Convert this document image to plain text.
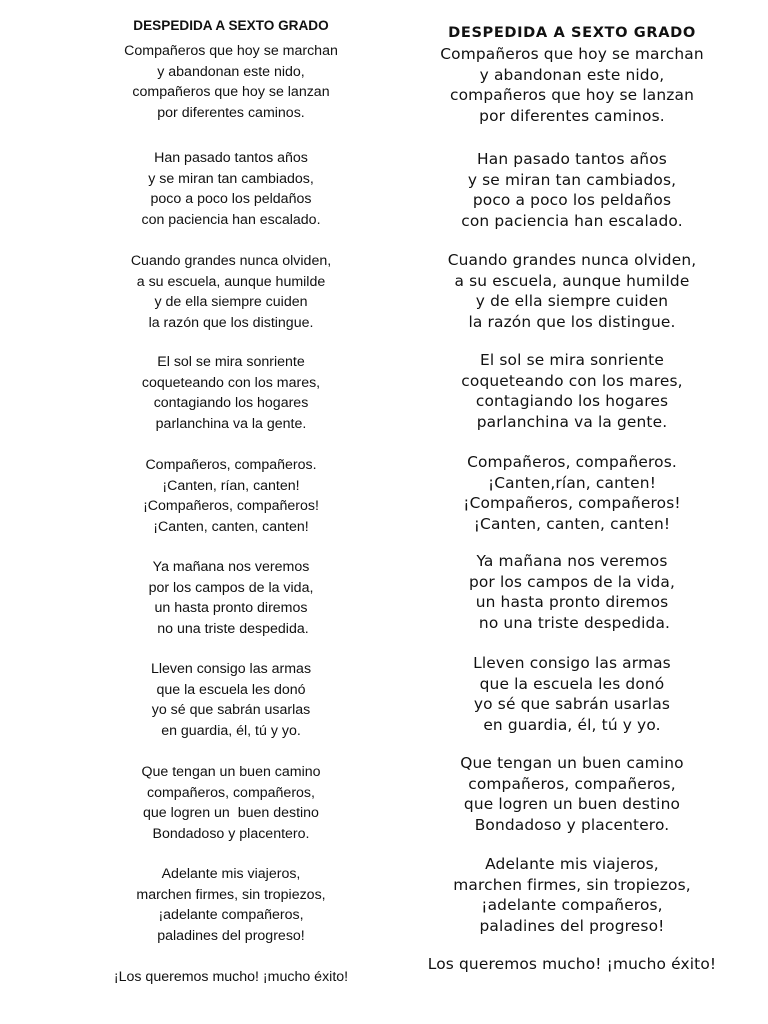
DESPEDIDA A SEXTO GRADO
Compañeros que hoy se marchan
y abandonan este nido,
compañeros que hoy se lanzan
por diferentes caminos.
Han pasado tantos años
y se miran tan cambiados,
poco a poco los peldaños
con paciencia han escalado.
Cuando grandes nunca olviden,
a su escuela, aunque humilde
y de ella siempre cuiden
la razón que los distingue.
El sol se mira sonriente
coqueteando con los mares,
contagiando los hogares
parlanchina va la gente.
Compañeros, compañeros.
¡Canten, rían, canten!
¡Compañeros, compañeros!
¡Canten, canten, canten!
Ya mañana nos veremos
por los campos de la vida,
un hasta pronto diremos
no una triste despedida.
Lleven consigo las armas
que la escuela les donó
yo sé que sabrán usarlas
en guardia, él, tú y yo.
Que tengan un buen camino
compañeros, compañeros,
que logren un  buen destino
Bondadoso y placentero.
Adelante mis viajeros,
marchen firmes, sin tropiezos,
¡adelante compañeros,
paladines del progreso!
¡Los queremos mucho! ¡mucho éxito!
DESPEDIDA A SEXTO GRADO
Compañeros que hoy se marchan
y abandonan este nido,
compañeros que hoy se lanzan
por diferentes caminos.
Han pasado tantos años
y se miran tan cambiados,
poco a poco los peldaños
con paciencia han escalado.
Cuando grandes nunca olviden,
a su escuela, aunque humilde
y de ella siempre cuiden
la razón que los distingue.
El sol se mira sonriente
coqueteando con los mares,
contagiando los hogares
parlanchina va la gente.
Compañeros, compañeros.
¡Canten,rían, canten!
¡Compañeros, compañeros!
¡Canten, canten, canten!
Ya mañana nos veremos
por los campos de la vida,
un hasta pronto diremos
no una triste despedida.
Lleven consigo las armas
que la escuela les donó
yo sé que sabrán usarlas
en guardia, él, tú y yo.
Que tengan un buen camino
compañeros, compañeros,
que logren un buen destino
Bondadoso y placentero.
Adelante mis viajeros,
marchen firmes, sin tropiezos,
¡adelante compañeros,
paladines del progreso!
Los queremos mucho! ¡mucho éxito!
